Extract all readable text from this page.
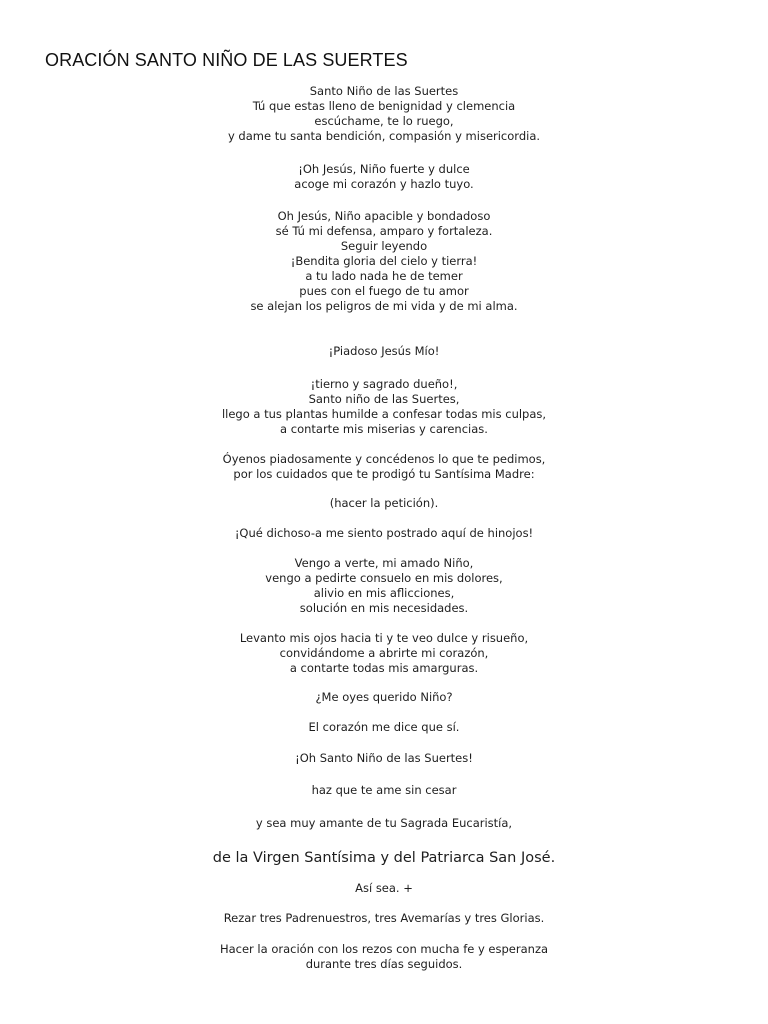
ORACIÓN SANTO NIÑO DE LAS SUERTES
Santo Niño de las Suertes
Tú que estas lleno de benignidad y clemencia
escúchame, te lo ruego,
y dame tu santa bendición, compasión y misericordia.
¡Oh Jesús, Niño fuerte y dulce
acoge mi corazón y hazlo tuyo.
Oh Jesús, Niño apacible y bondadoso
sé Tú mi defensa, amparo y fortaleza.
Seguir leyendo
¡Bendita gloria del cielo y tierra!
a tu lado nada he de temer
pues con el fuego de tu amor
se alejan los peligros de mi vida y de mi alma.
¡Piadoso Jesús Mío!
¡tierno y sagrado dueño!,
Santo niño de las Suertes,
llego a tus plantas humilde a confesar todas mis culpas,
a contarte mis miserias y carencias.
Óyenos piadosamente y concédenos lo que te pedimos,
por los cuidados que te prodigó tu Santísima Madre:
(hacer la petición).
¡Qué dichoso-a me siento postrado aquí de hinojos!
Vengo a verte, mi amado Niño,
vengo a pedirte consuelo en mis dolores,
alivio en mis aflicciones,
solución en mis necesidades.
Levanto mis ojos hacia ti y te veo dulce y risueño,
convidándome a abrirte mi corazón,
a contarte todas mis amarguras.
¿Me oyes querido Niño?
El corazón me dice que sí.
¡Oh Santo Niño de las Suertes!
haz que te ame sin cesar
y sea muy amante de tu Sagrada Eucaristía,
de la Virgen Santísima y del Patriarca San José.
Así sea. +
Rezar tres Padrenuestros, tres Avemarías y tres Glorias.
Hacer la oración con los rezos con mucha fe y esperanza
durante tres días seguidos.
